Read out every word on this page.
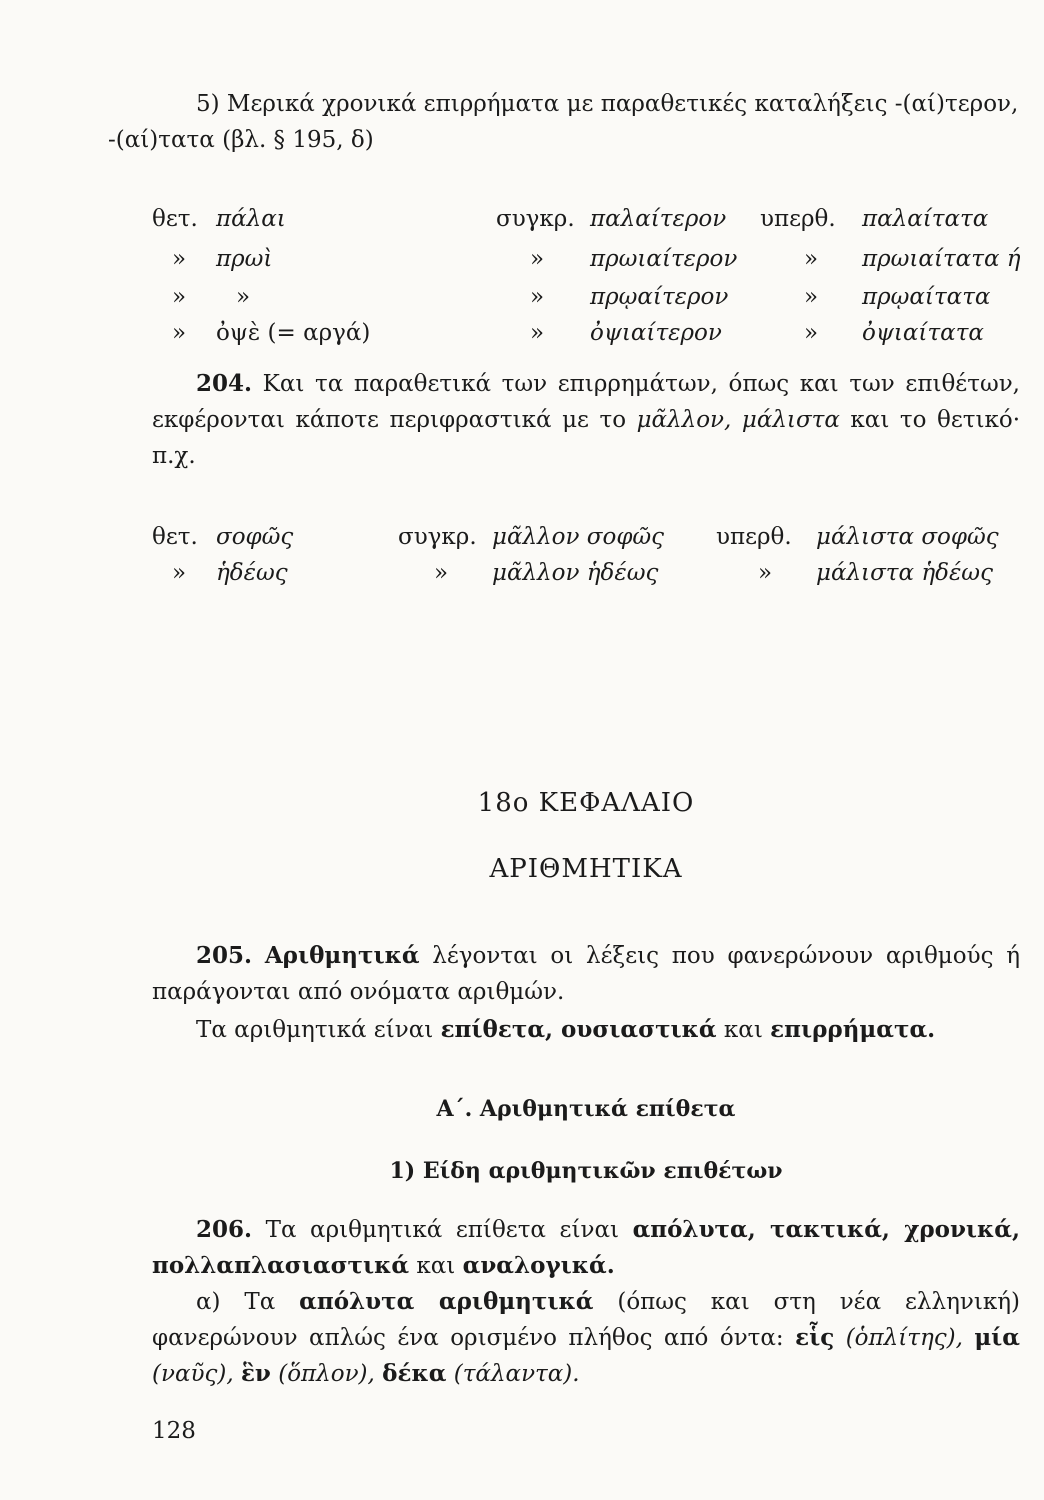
5) Μερικά χρονικά επιρρήματα με παραθετικές καταλήξεις -(αί)τερον,
-(αί)τατα (βλ. § 195, δ)
θετ. πάλαι	συγκρ. παλαίτερον υπερθ. παλαίτατα
» πρωὶ	» πρωιαίτερον	» πρωιαίτατα ή
» »	» πρῳαίτερον	» πρῳαίτατα
» ὀψὲ (= αργά)	» ὀψιαίτερον	» ὀψιαίτατα
204. Και τα παραθετικά των επιρρημάτων, όπως και των επιθέτων, εκφέρονται κάποτε περιφραστικά με το μᾶλλον, μάλιστα και το θετικό· π.χ.
θετ. σοφῶς	συγκρ. μᾶλλον σοφῶς υπερθ. μάλιστα σοφῶς
» ἡδέως	» μᾶλλον ἡδέως	» μάλιστα ἡδέως
18ο ΚΕΦΑΛΑΙΟ
ΑΡΙΘΜΗΤΙΚΑ
205. Αριθμητικά λέγονται οι λέξεις που φανερώνουν αριθμούς ή παράγονται από ονόματα αριθμών.
Τα αριθμητικά είναι επίθετα, ουσιαστικά και επιρρήματα.
Α΄. Αριθμητικά επίθετα
1) Είδη αριθμητικῶν επιθέτων
206. Τα αριθμητικά επίθετα είναι απόλυτα, τακτικά, χρονικά, πολλαπλασιαστικά και αναλογικά.
α) Τα απόλυτα αριθμητικά (όπως και στη νέα ελληνική) φανερώνουν απλώς ένα ορισμένο πλήθος από όντα: εἷς (ὁπλίτης), μία (ναῦς), ἓν (ὅπλον), δέκα (τάλαντα).
128
